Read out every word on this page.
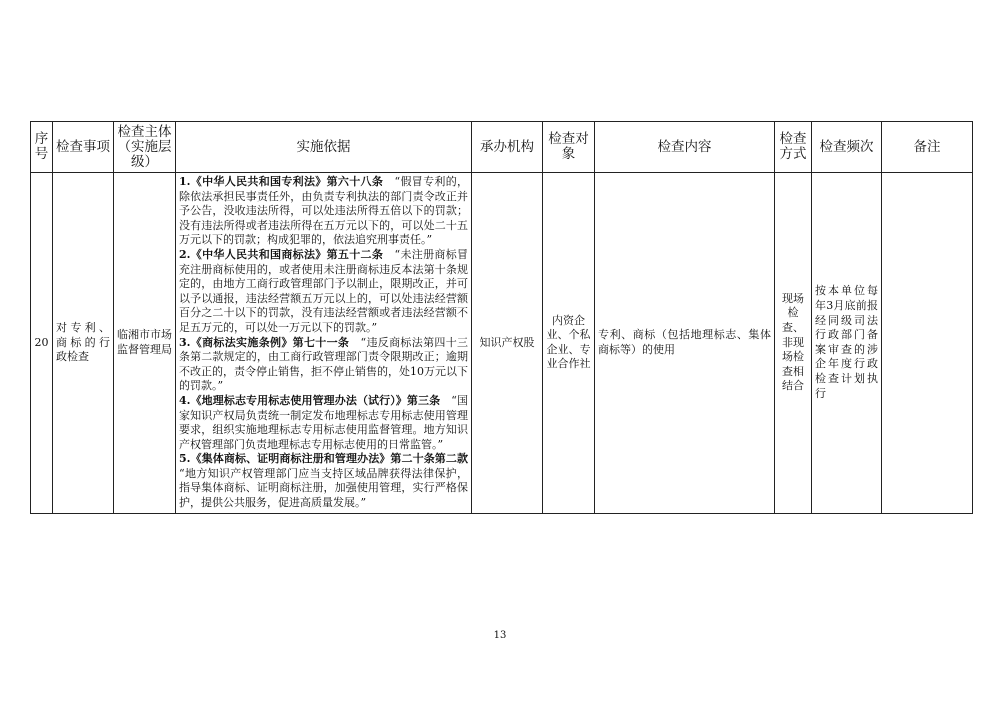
序号	检查事项	检查主体（实施层级）	实施依据	承办机构	检查对象	检查内容	检查方式	检查频次	备注
20	对专利、商标的行政检查	临湘市市场监督管理局	1.《中华人民共和国专利法》第六十八条　 “假冒专利的，除依法承担民事责任外，由负责专利执法的部门责令改正并予公告，没收违法所得，可以处违法所得五倍以下的罚款；没有违法所得或者违法所得在五万元以下的，可以处二十五万元以下的罚款；构成犯罪的，依法追究刑事责任。”

2.《中华人民共和国商标法》第五十二条　 “未注册商标冒充注册商标使用的，或者使用未注册商标违反本法第十条规定的，由地方工商行政管理部门予以制止，限期改正，并可以予以通报，违法经营额五万元以上的，可以处违法经营额百分之二十以下的罚款，没有违法经营额或者违法经营额不足五万元的，可以处一万元以下的罚款。”

3.《商标法实施条例》第七十一条　 “违反商标法第四十三条第二款规定的，由工商行政管理部门责令限期改正；逾期不改正的，责令停止销售，拒不停止销售的，处10万元以下的罚款。”

4.《地理标志专用标志使用管理办法（试行）》第三条　 “国家知识产权局负责统一制定发布地理标志专用标志使用管理要求，组织实施地理标志专用标志使用监督管理。地方知识产权管理部门负责地理标志专用标志使用的日常监管。”

5.《集体商标、证明商标注册和管理办法》第二十条第二款　“地方知识产权管理部门应当支持区域品牌获得法律保护，指导集体商标、证明商标注册，加强使用管理，实行严格保护，提供公共服务，促进高质量发展。”	知识产权股	内资企业、个私企业、专业合作社	专利、商标（包括地理标志、集体商标等）的使用	现场检查、非现场检查相结合	按本单位每年3月底前报经同级司法行政部门备案审查的涉企年度行政检查计划执行	
13
